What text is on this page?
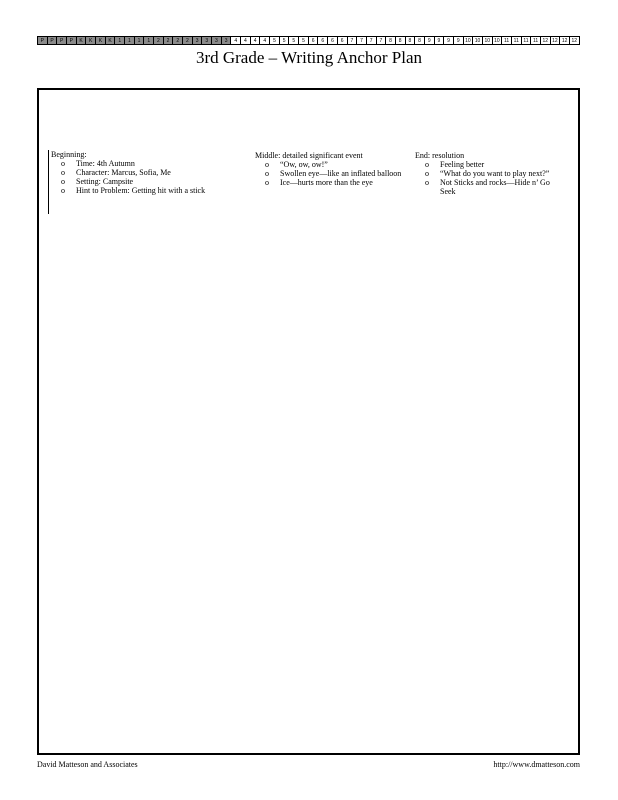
P	P	P	P	K	K	K	K	1	1	1	1	2	2	2	2	3	3	3	3	4	4	4	4	5	5	5	5	6	6	6	6	7	7	7	7	8	8	8	8	9	9	9	9	10 10 10 10 11 11 11 11 12 12 12 12
3rd Grade – Writing Anchor Plan

Beginning:

o Time: 4th Autumn
o Character: Marcus, Sofia, Me
o Setting: Campsite
o Hint to Problem: Getting hit with a stick

Middle: detailed significant event

o “Ow, ow, ow!”
o Swollen eye—like an inflated balloon
o Ice—hurts more than the eye

End: resolution

o Feeling better
o “What do you want to play next?”
o Not Sticks and rocks—Hide n’ Go Seek
David Matteson and Associates	http://www.dmatteson.com
